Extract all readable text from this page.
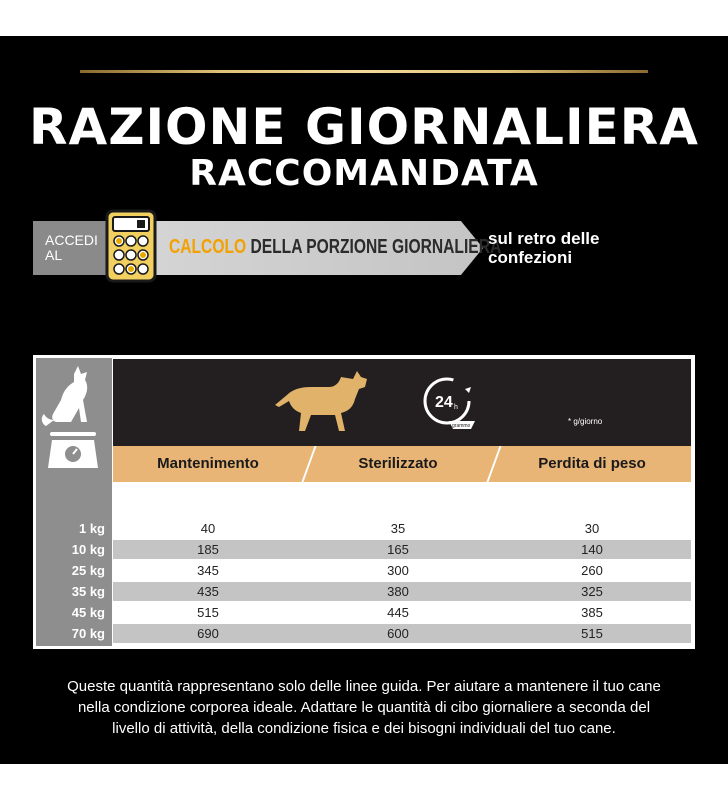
RAZIONE GIORNALIERA
RACCOMANDATA
ACCEDI
AL	CALCOLO DELLA PORZIONE GIORNALIERA
sul retro delle
confezioni
24 h
grammo	* g/giorno
Mantenimento	Sterilizzato	Perdita di peso
1 kg	40	35	30
10 kg	185	165	140
25 kg	345	300	260
35 kg	435	380	325
45 kg	515	445	385
70 kg	690	600	515
Queste quantità rappresentano solo delle linee guida. Per aiutare a mantenere il tuo cane
nella condizione corporea ideale. Adattare le quantità di cibo giornaliere a seconda del
livello di attività, della condizione fisica e dei bisogni individuali del tuo cane.
